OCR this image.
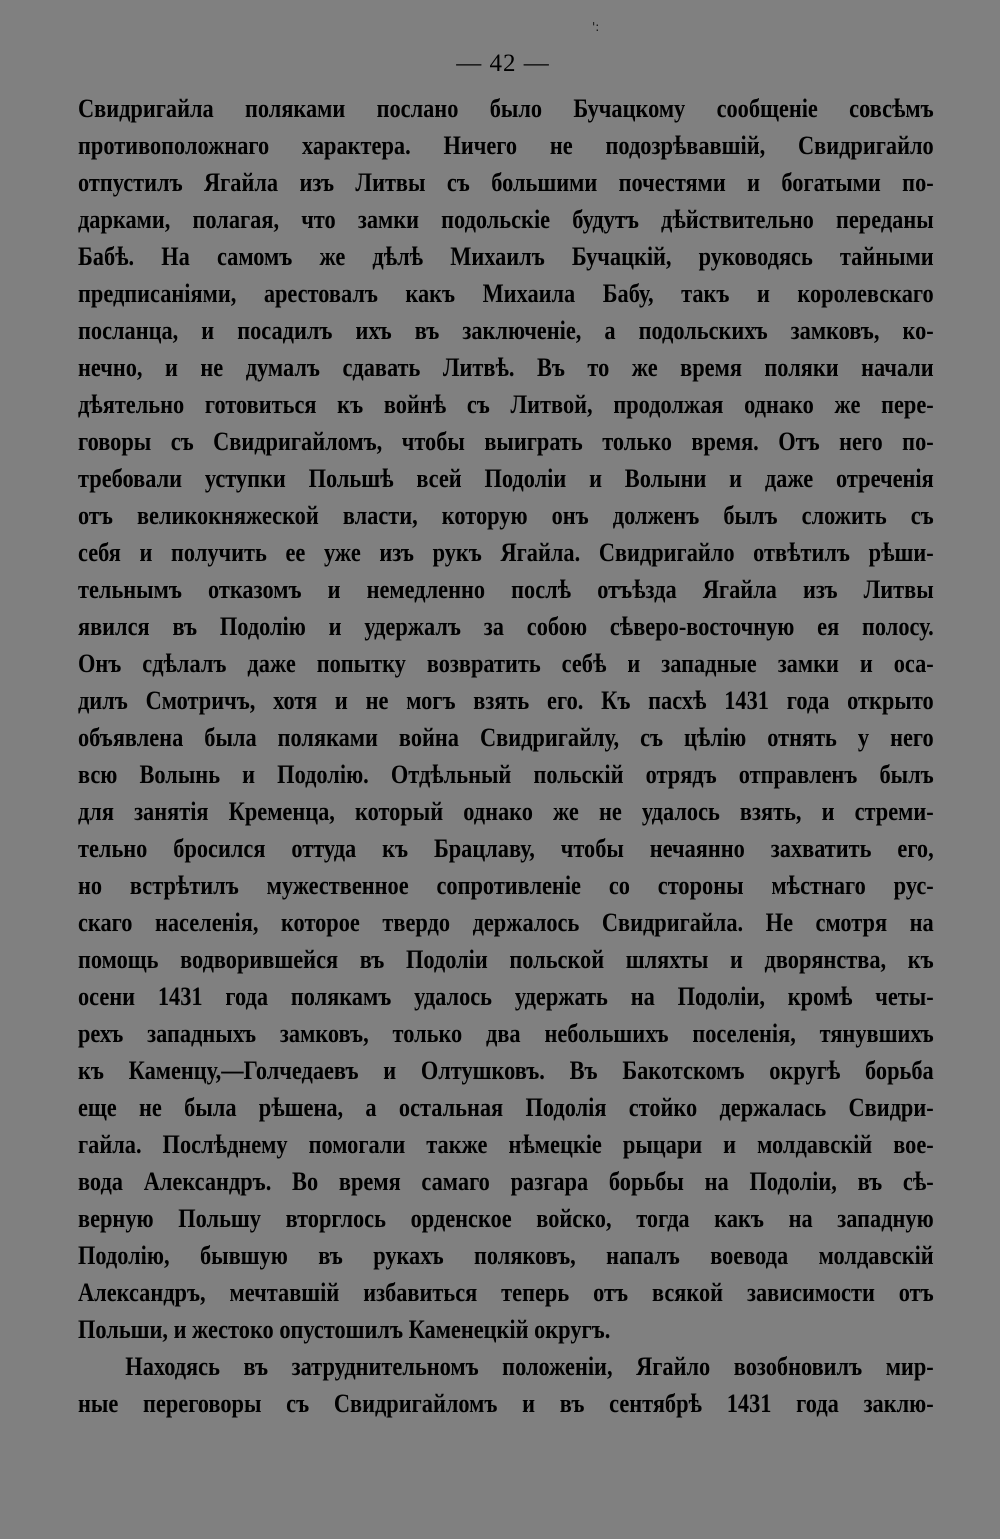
':
— 42 —
Свидригайла поляками послано было Бучацкому сообщенiе совсѣмъ
противоположнаго характера. Ничего не подозрѣвавшiй, Свидригайло
отпустилъ Ягайла изъ Литвы съ большими почестями и богатыми по-
дарками, полагая, что замки подольскiе будутъ дѣйствительно переданы
Бабѣ. На самомъ же дѣлѣ Михаилъ Бучацкiй, руководясь тайными
предписанiями, арестовалъ какъ Михаила Бабу, такъ и королевскаго
посланца, и посадилъ ихъ въ заключенiе, а подольскихъ замковъ, ко-
нечно, и не думалъ сдавать Литвѣ. Въ то же время поляки начали
дѣятельно готовиться къ войнѣ съ Литвой, продолжая однако же пере-
говоры съ Свидригайломъ, чтобы выиграть только время. Отъ него по-
требовали уступки Польшѣ всей Подолiи и Волыни и даже отреченiя
отъ великокняжеской власти, которую онъ долженъ былъ сложить съ
себя и получить ее уже изъ рукъ Ягайла. Свидригайло отвѣтилъ рѣши-
тельнымъ отказомъ и немедленно послѣ отъѣзда Ягайла изъ Литвы
явился въ Подолiю и удержалъ за собою сѣверо-восточную ея полосу.
Онъ сдѣлалъ даже попытку возвратить себѣ и западные замки и оса-
дилъ Смотричъ, хотя и не могъ взять его. Къ пасхѣ 1431 года открыто
объявлена была поляками война Свидригайлу, съ цѣлiю отнять у него
всю Волынь и Подолiю. Отдѣльный польскiй отрядъ отправленъ былъ
для занятiя Кременца, который однако же не удалось взять, и стреми-
тельно бросился оттуда къ Брацлаву, чтобы нечаянно захватить его,
но встрѣтилъ мужественное сопротивленiе со стороны мѣстнаго рус-
скаго населенiя, которое твердо держалось Свидригайла. Не смотря на
помощь водворившейся въ Подолiи польской шляхты и дворянства, къ
осени 1431 года полякамъ удалось удержать на Подолiи, кромѣ четы-
рехъ западныхъ замковъ, только два небольшихъ поселенiя, тянувшихъ
къ Каменцу,—Голчедаевъ и Олтушковъ. Въ Бакотскомъ округѣ борьба
еще не была рѣшена, а остальная Подолiя стойко держалась Свидри-
гайла. Послѣднему помогали также нѣмецкiе рыцари и молдавскiй вое-
вода Александръ. Во время самаго разгара борьбы на Подолiи, въ сѣ-
верную Польшу вторглось орденское войско, тогда какъ на западную
Подолiю, бывшую въ рукахъ поляковъ, напалъ воевода молдавскiй
Александръ, мечтавшiй избавиться теперь отъ всякой зависимости отъ
Польши, и жестоко опустошилъ Каменецкiй округъ.
Находясь въ затруднительномъ положенiи, Ягайло возобновилъ мир-
ные переговоры съ Свидригайломъ и въ сентябрѣ 1431 года заклю-
